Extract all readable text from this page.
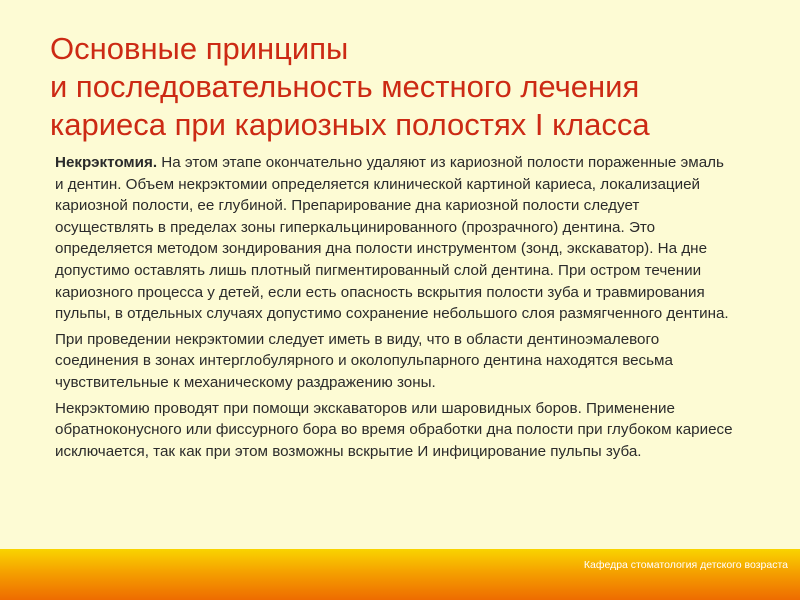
Основные принципы
и последовательность местного лечения
кариеса при кариозных полостях I класса

Некрэктомия. На этом этапе окончательно удаляют из кариозной полости пораженные эмаль и дентин. Объем некрэктомии определяется клинической картиной кариеса, локализацией кариозной полости, ее глубиной. Препарирование дна кариозной полости следует осуществлять в пределах зоны гиперкальцинированного (прозрачного) дентина. Это определяется методом зондирования дна полости инструментом (зонд, экскаватор). На дне допустимо оставлять лишь плотный пигментированный слой дентина. При остром течении кариозного процесса у детей, если есть опасность вскрытия полости зуба и травмирования пульпы, в отдельных случаях допустимо сохранение небольшого слоя размягченного дентина.

При проведении некрэктомии следует иметь в виду, что в области дентиноэмалевого соединения в зонах интерглобулярного и околопульпарного дентина находятся весьма чувствительные к механическому раздражению зоны.

Некрэктомию проводят при помощи экскаваторов или шаровидных боров. Применение обратноконусного или фиссурного бора во время обработки дна полости при глубоком кариесе исключается, так как при этом возможны вскрытие И инфицирование пульпы зуба.

Кафедра стоматология детского возраста
